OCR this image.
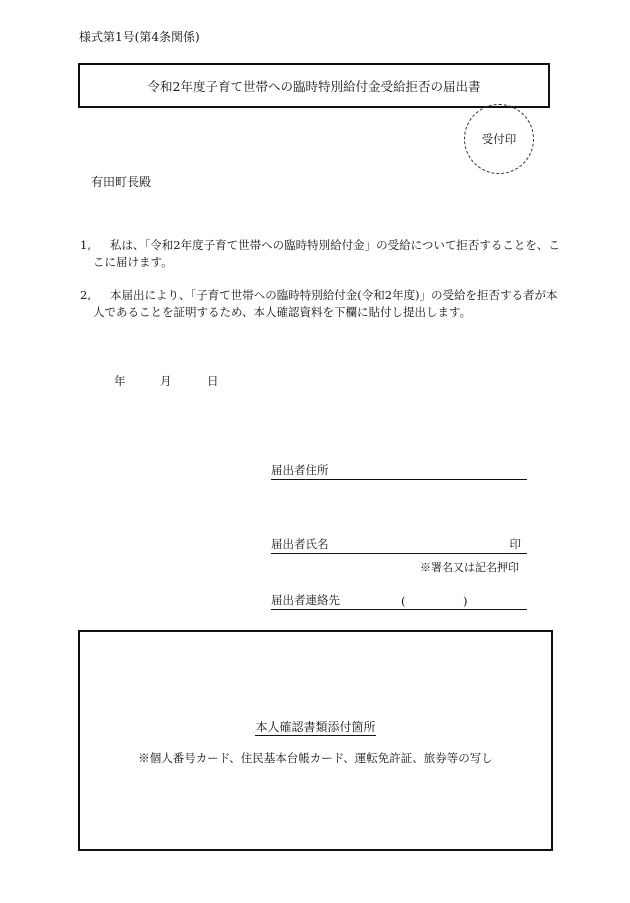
様式第1号(第4条関係)
令和2年度子育て世帯への臨時特別給付金受給拒否の届出書
受付印
有田町長殿
1,	私は、「令和2年度子育て世帯への臨時特別給付金」の受給について拒否することを、ここに届けます。
2,	本届出により、「子育て世帯への臨時特別給付金(令和2年度)」の受給を拒否する者が本人であることを証明するため、本人確認資料を下欄に貼付し提出します。
年	月	日
届出者住所
届出者氏名	印
※署名又は記名押印
届出者連絡先	(	)
本人確認書類添付箇所
※個人番号カード、住民基本台帳カード、運転免許証、旅券等の写し
